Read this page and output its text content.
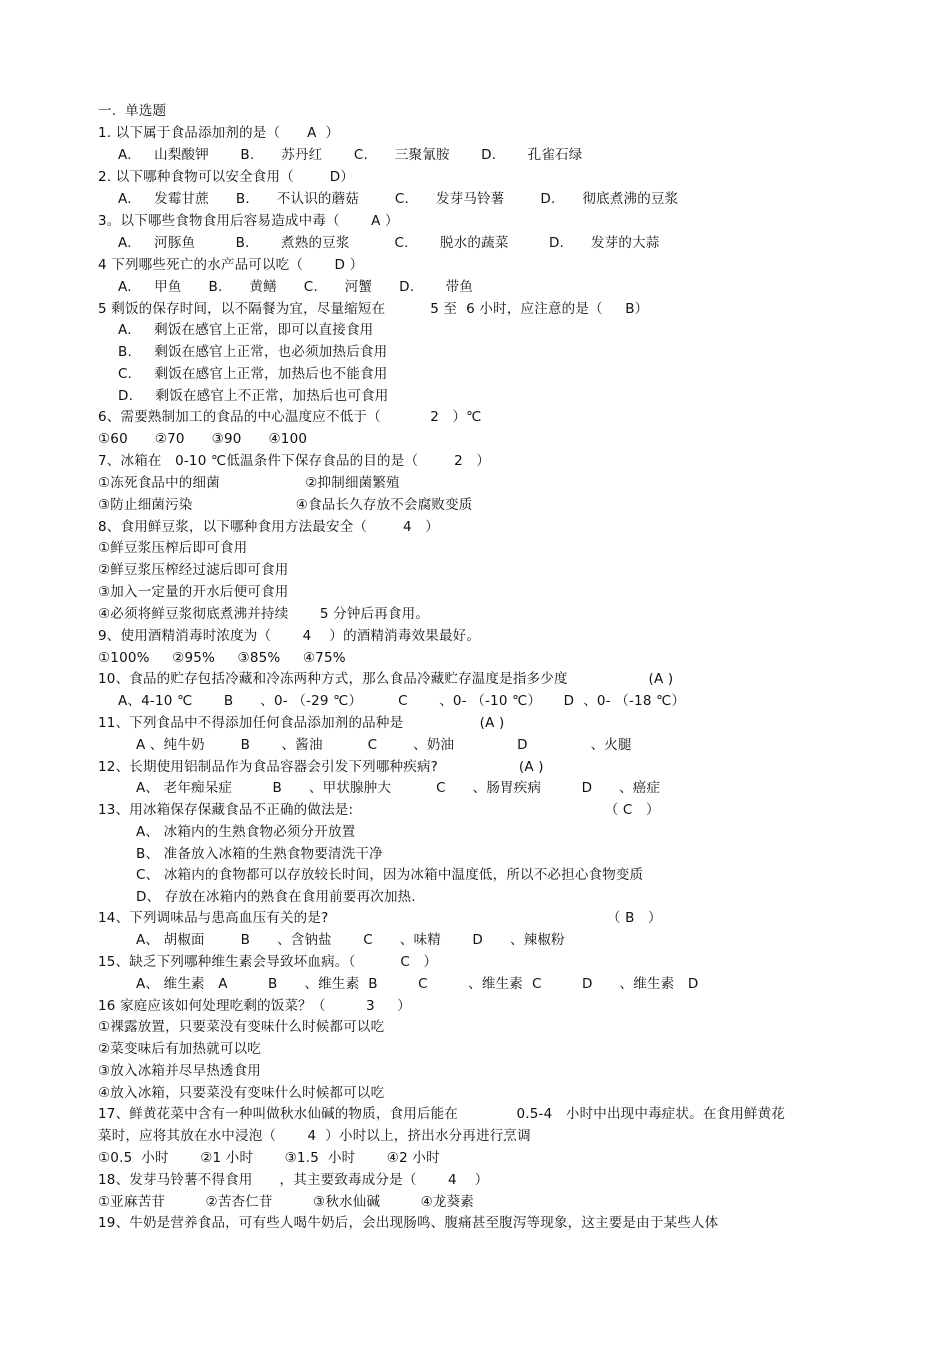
一.  单选题
1. 以下属于食品添加剂的是（      A  ）
A.     山梨酸钾       B.      苏丹红       C.      三聚氰胺       D.       孔雀石绿
2. 以下哪种食物可以安全食用（        D）
A.     发霉甘蔗      B.      不认识的蘑菇        C.      发芽马铃薯        D.      彻底煮沸的豆浆
3。以下哪些食物食用后容易造成中毒（       A ）
A.     河豚鱼         B.       煮熟的豆浆          C.       脱水的蔬菜         D.      发芽的大蒜
4 下列哪些死亡的水产品可以吃（       D ）
A.     甲鱼      B.      黄鳝      C.      河蟹      D.       带鱼
5 剩饭的保存时间，以不隔餐为宜，尽量缩短在          5 至  6 小时，应注意的是（     B）
A.     剩饭在感官上正常，即可以直接食用
B.     剩饭在感官上正常，也必须加热后食用
C.     剩饭在感官上正常，加热后也不能食用
D.     剩饭在感官上不正常，加热后也可食用
6、需要熟制加工的食品的中心温度应不低于（           2   ）℃
①60      ②70      ③90      ④100
7、冰箱在   0-10 ℃低温条件下保存食品的目的是（        2   ）
①冻死食品中的细菌                   ②抑制细菌繁殖
③防止细菌污染                       ④食品长久存放不会腐败变质
8、食用鲜豆浆，以下哪种食用方法最安全（        4   ）
①鲜豆浆压榨后即可食用
②鲜豆浆压榨经过滤后即可食用
③加入一定量的开水后便可食用
④必须将鲜豆浆彻底煮沸并持续       5 分钟后再食用。
9、使用酒精消毒时浓度为（       4    ）的酒精消毒效果最好。
①100%     ②95%     ③85%     ④75%
10、食品的贮存包括冷藏和冷冻两种方式，那么食品冷藏贮存温度是指多少度                  (A )
A、4-10 ℃       B      、0- （-29 ℃）        C       、0- （-10 ℃）     D  、0- （-18 ℃）
11、下列食品中不得添加任何食品添加剂的品种是                 (A )
A 、纯牛奶        B       、酱油          C        、奶油              D              、火腿
12、长期使用铝制品作为食品容器会引发下列哪种疾病?                  (A )
A、 老年痴呆症         B      、甲状腺肿大          C      、肠胃疾病         D      、癌症
13、用冰箱保存保藏食品不正确的做法是:                                                        （ C   ）
A、 冰箱内的生熟食物必须分开放置
B、 准备放入冰箱的生熟食物要清洗干净
C、 冰箱内的食物都可以存放较长时间，因为冰箱中温度低，所以不必担心食物变质
D、 存放在冰箱内的熟食在食用前要再次加热.
14、下列调味品与患高血压有关的是?                                                              （ B   ）
A、 胡椒面        B      、含钠盐       C      、味精       D      、辣椒粉
15、缺乏下列哪种维生素会导致坏血病。（          C   ）
A、 维生素   A         B      、维生素  B         C         、维生素  C         D      、维生素   D
16 家庭应该如何处理吃剩的饭菜？（         3     ）
①裸露放置，只要菜没有变味什么时候都可以吃
②菜变味后有加热就可以吃
③放入冰箱并尽早热透食用
④放入冰箱，只要菜没有变味什么时候都可以吃
17、鲜黄花菜中含有一种叫做秋水仙碱的物质，食用后能在             0.5-4   小时中出现中毒症状。在食用鲜黄花
菜时，应将其放在水中浸泡（       4  ）小时以上，挤出水分再进行烹调
①0.5  小时       ②1 小时       ③1.5  小时       ④2 小时
18、发芽马铃薯不得食用      ，其主要致毒成分是（       4    ）
①亚麻苦苷         ②苦杏仁苷         ③秋水仙碱         ④龙葵素
19、牛奶是营养食品，可有些人喝牛奶后，会出现肠鸣、腹痛甚至腹泻等现象，这主要是由于某些人体
